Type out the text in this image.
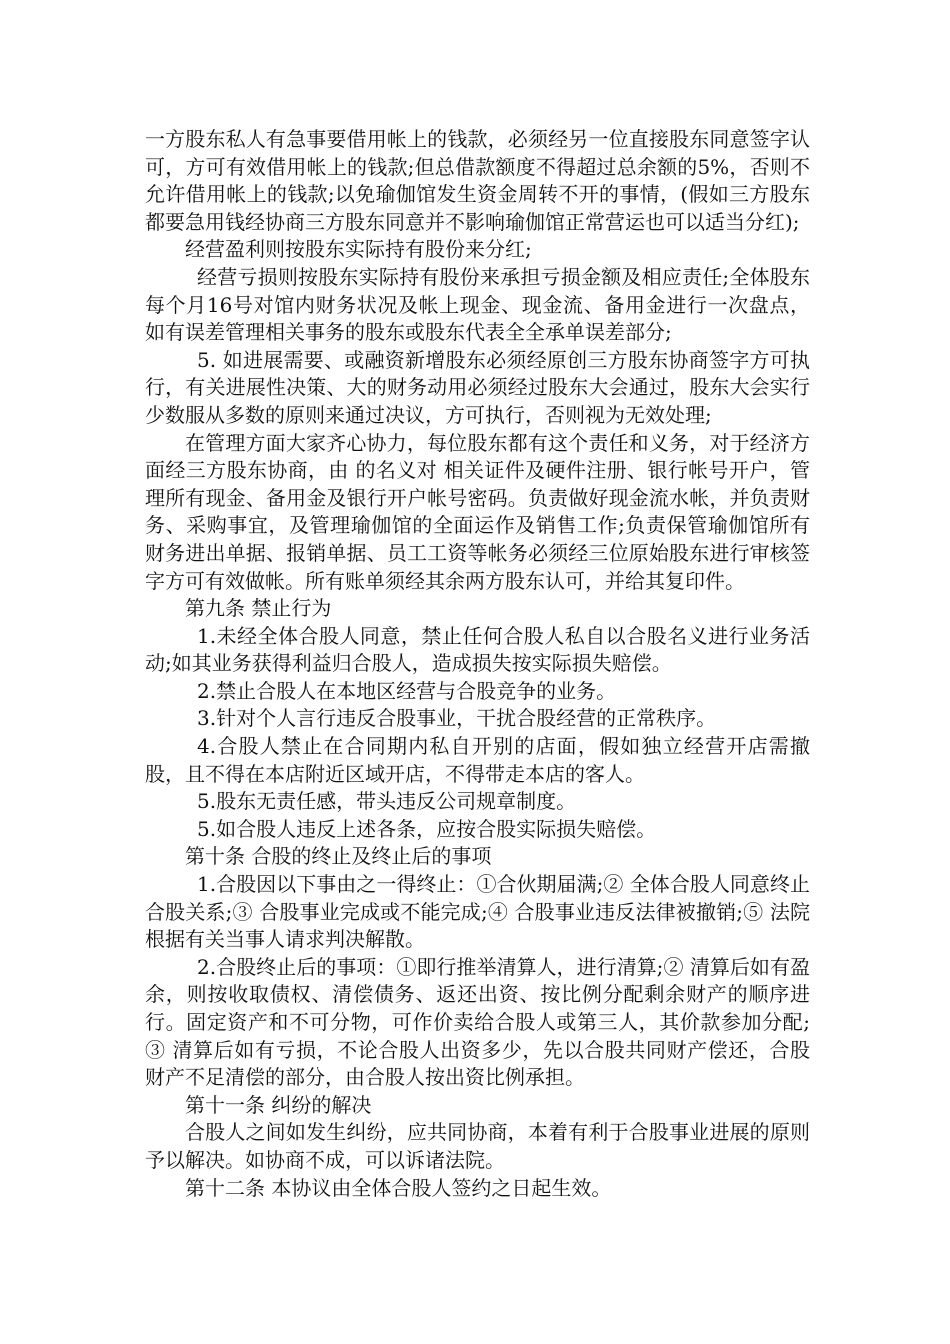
一方股东私人有急事要借用帐上的钱款，必须经另一位直接股东同意签字认可，方可有效借用帐上的钱款;但总借款额度不得超过总余额的5%，否则不允许借用帐上的钱款;以免瑜伽馆发生资金周转不开的事情，(假如三方股东都要急用钱经协商三方股东同意并不影响瑜伽馆正常营运也可以适当分红);

经营盈利则按股东实际持有股份来分红;

经营亏损则按股东实际持有股份来承担亏损金额及相应责任;全体股东每个月16号对馆内财务状况及帐上现金、现金流、备用金进行一次盘点，如有误差管理相关事务的股东或股东代表全全承单误差部分;

5. 如进展需要、或融资新增股东必须经原创三方股东协商签字方可执行，有关进展性决策、大的财务动用必须经过股东大会通过，股东大会实行少数服从多数的原则来通过决议，方可执行，否则视为无效处理;

在管理方面大家齐心协力，每位股东都有这个责任和义务，对于经济方面经三方股东协商，由 的名义对 相关证件及硬件注册、银行帐号开户，管理所有现金、备用金及银行开户帐号密码。负责做好现金流水帐，并负责财务、采购事宜，及管理瑜伽馆的全面运作及销售工作;负责保管瑜伽馆所有财务进出单据、报销单据、员工工资等帐务必须经三位原始股东进行审核签字方可有效做帐。所有账单须经其余两方股东认可，并给其复印件。

第九条 禁止行为

1.未经全体合股人同意，禁止任何合股人私自以合股名义进行业务活动;如其业务获得利益归合股人，造成损失按实际损失赔偿。

2.禁止合股人在本地区经营与合股竞争的业务。

3.针对个人言行违反合股事业，干扰合股经营的正常秩序。

4.合股人禁止在合同期内私自开别的店面，假如独立经营开店需撤股，且不得在本店附近区域开店，不得带走本店的客人。

5.股东无责任感，带头违反公司规章制度。

5.如合股人违反上述各条，应按合股实际损失赔偿。

第十条 合股的终止及终止后的事项

1.合股因以下事由之一得终止：①合伙期届满;② 全体合股人同意终止合股关系;③ 合股事业完成或不能完成;④ 合股事业违反法律被撤销;⑤ 法院根据有关当事人请求判决解散。

2.合股终止后的事项：①即行推举清算人，进行清算;② 清算后如有盈余，则按收取债权、清偿债务、返还出资、按比例分配剩余财产的顺序进行。固定资产和不可分物，可作价卖给合股人或第三人，其价款参加分配;③ 清算后如有亏损，不论合股人出资多少，先以合股共同财产偿还，合股财产不足清偿的部分，由合股人按出资比例承担。

第十一条 纠纷的解决

合股人之间如发生纠纷，应共同协商，本着有利于合股事业进展的原则予以解决。如协商不成，可以诉诸法院。

第十二条 本协议由全体合股人签约之日起生效。
